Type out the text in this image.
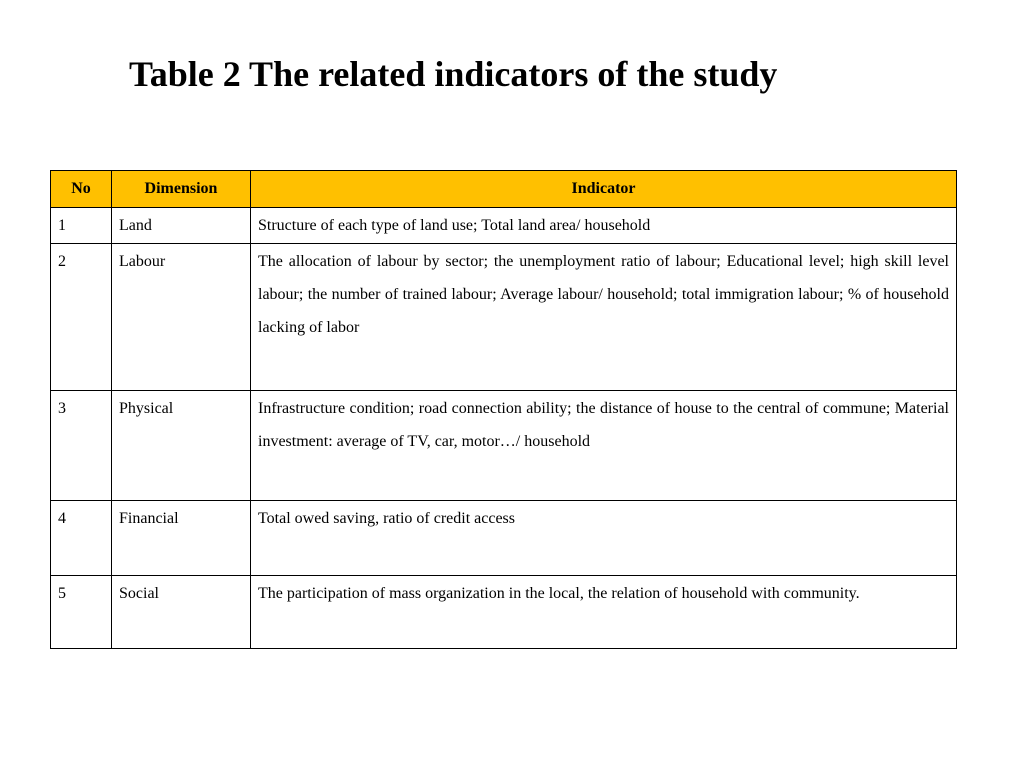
Table 2 The related indicators of the study
No	Dimension	Indicator
1	Land	Structure of each type of land use; Total land area/ household
2	Labour	The allocation of labour by sector; the unemployment ratio of labour; Educational level; high skill level labour; the number of trained labour; Average labour/ household; total immigration labour; % of household lacking of labor
3	Physical	Infrastructure condition; road connection ability; the distance of house to the central of commune; Material investment: average of TV, car, motor…/ household
4	Financial	Total owed saving, ratio of credit access
5	Social	The participation of mass organization in the local, the relation of household with community.
